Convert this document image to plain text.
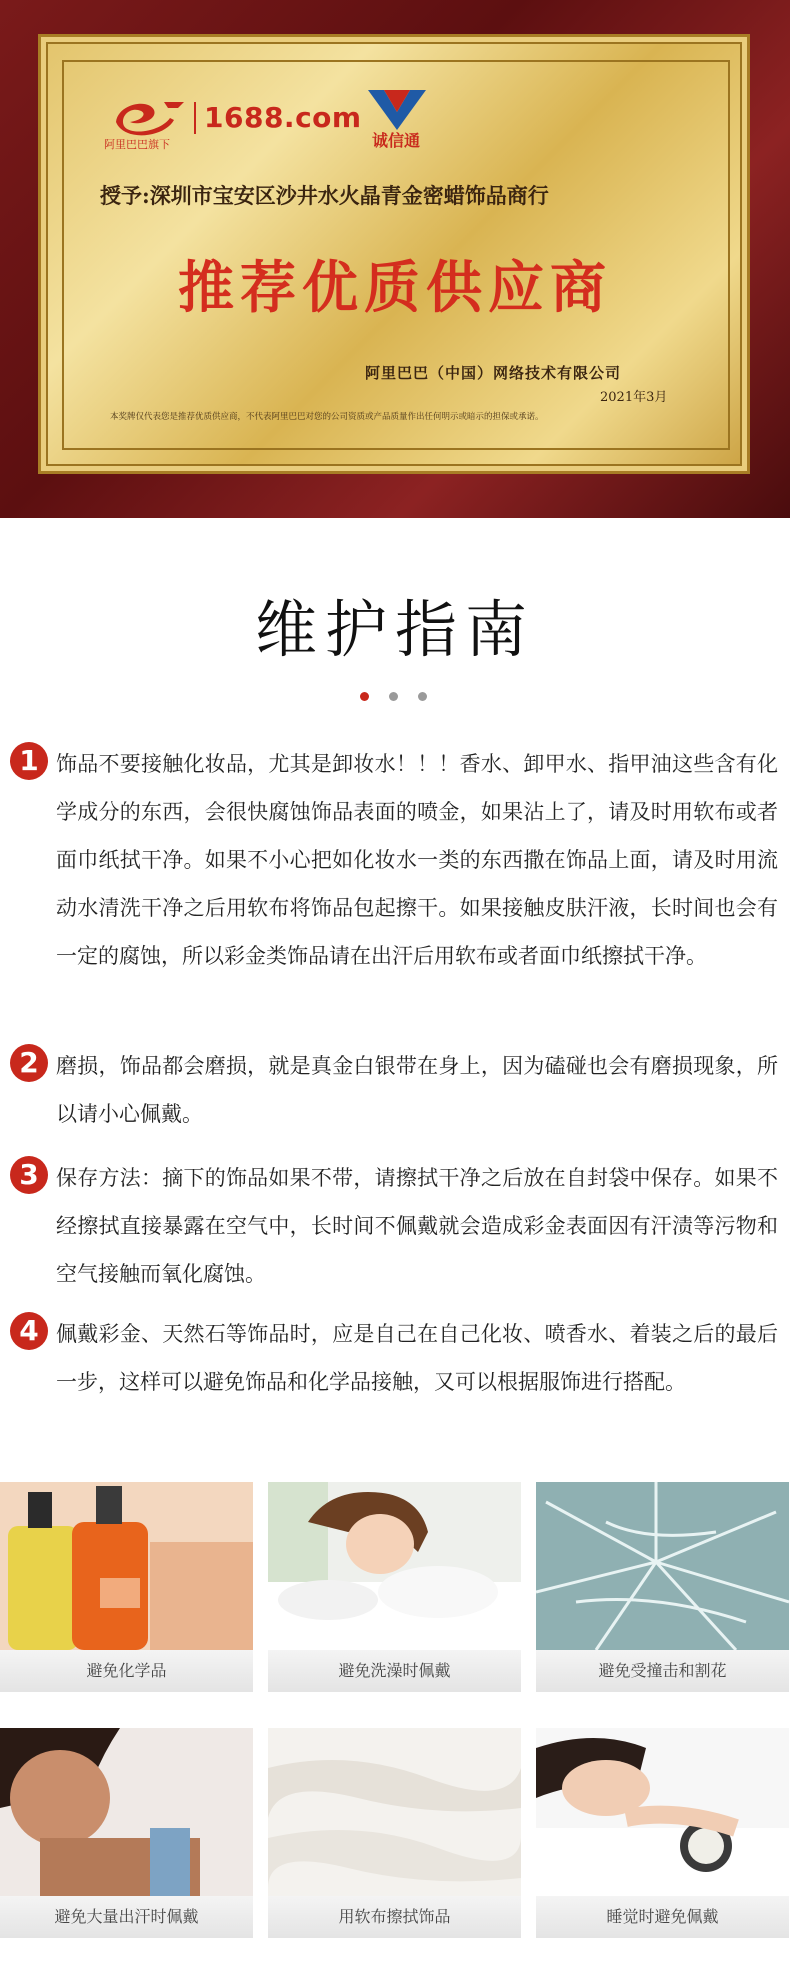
阿里巴巴旗下
1688.com
诚信通
授予:深圳市宝安区沙井水火晶青金密蜡饰品商行
推荐优质供应商
阿里巴巴（中国）网络技术有限公司
2021年3月
本奖牌仅代表您是推荐优质供应商，不代表阿里巴巴对您的公司资质或产品质量作出任何明示或暗示的担保或承诺。
维护指南
1 饰品不要接触化妆品，尤其是卸妆水！！！香水、卸甲水、指甲油这些含有化学成分的东西，会很快腐蚀饰品表面的喷金，如果沾上了，请及时用软布或者面巾纸拭干净。如果不小心把如化妆水一类的东西撒在饰品上面，请及时用流动水清洗干净之后用软布将饰品包起擦干。如果接触皮肤汗液，长时间也会有一定的腐蚀，所以彩金类饰品请在出汗后用软布或者面巾纸擦拭干净。
2 磨损，饰品都会磨损，就是真金白银带在身上，因为磕碰也会有磨损现象，所以请小心佩戴。
3 保存方法：摘下的饰品如果不带，请擦拭干净之后放在自封袋中保存。如果不经擦拭直接暴露在空气中，长时间不佩戴就会造成彩金表面因有汗渍等污物和空气接触而氧化腐蚀。
4 佩戴彩金、天然石等饰品时，应是自己在自己化妆、喷香水、着装之后的最后一步，这样可以避免饰品和化学品接触，又可以根据服饰进行搭配。
避免化学品	避免洗澡时佩戴	避免受撞击和割花
避免大量出汗时佩戴	用软布擦拭饰品	睡觉时避免佩戴
